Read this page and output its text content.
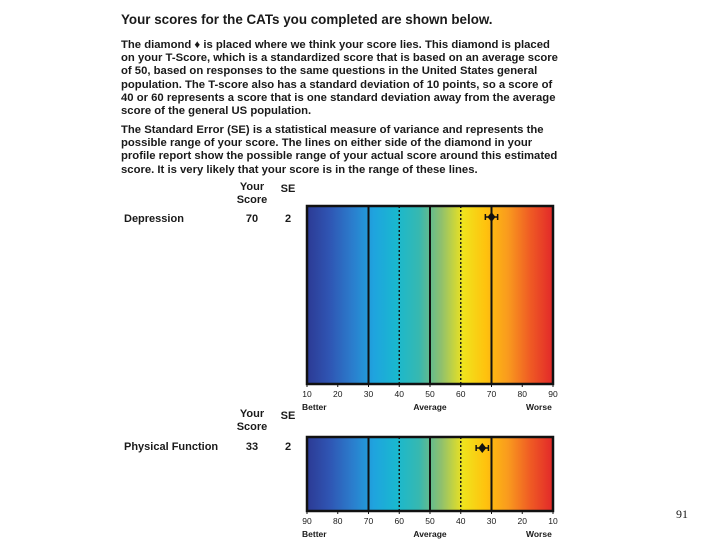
Your scores for the CATs you completed are shown below.

The diamond ♦ is placed where we think your score lies. This diamond is placed on your T-Score, which is a standardized score that is based on an average score of 50, based on responses to the same questions in the United States general population. The T-score also has a standard deviation of 10 points, so a score of 40 or 60 represents a score that is one standard deviation away from the average score of the general US population.

The Standard Error (SE) is a statistical measure of variance and represents the possible range of your score. The lines on either side of the diamond in your profile report show the possible range of your actual score around this estimated score. It is very likely that your score is in the range of these lines.

Your
Score
SE
Depression	70	2
10	20	30	40	50	60	70	80	90
Better	Average	Worse
Your
Score
SE
Physical Function	33	2
90	80	70	60	50	40	30	20	10
Better	Average	Worse
91
